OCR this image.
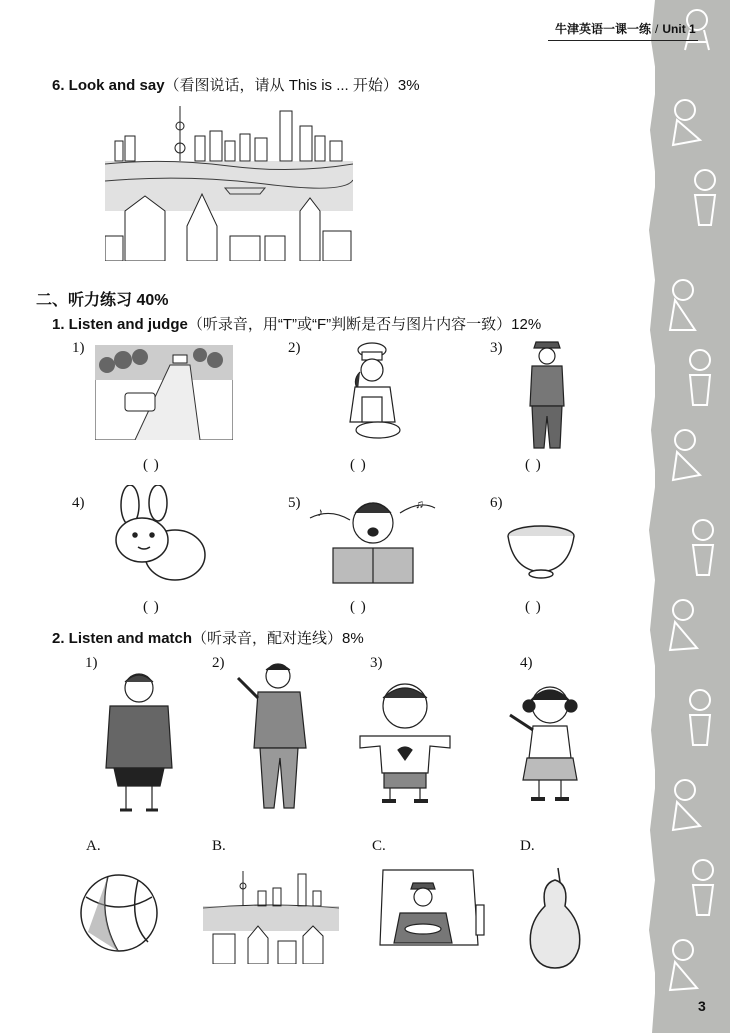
牛津英语一课一练 / Unit 1
6. Look and say（看图说话，请从 This is ... 开始）3%
二、听力练习 40%
1. Listen and judge（听录音，用“T”或“F”判断是否与图片内容一致）12%
1)
( )
2)
( )
3)
( )
4)
( )
5)
♪
♫
( )
6)
( )
2. Listen and match（听录音，配对连线）8%
1)	2)	3)	4)
A.	B.	C.	D.
3
